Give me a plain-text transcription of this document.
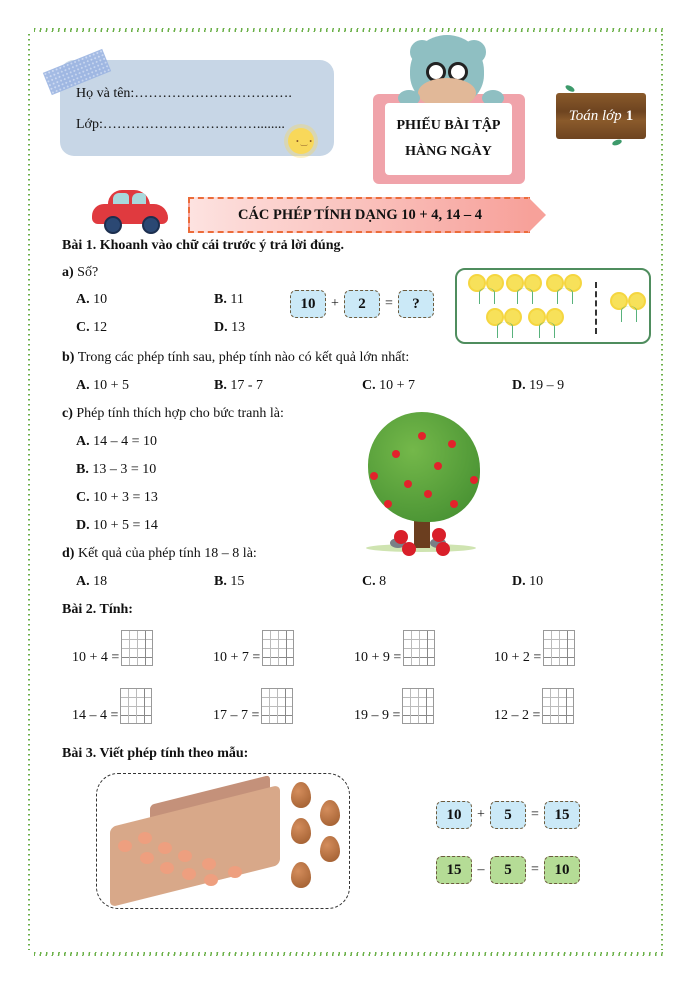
Họ và tên:…………………………….
Lớp:……………………………........
• ‿ •
PHIẾU BÀI TẬP
HÀNG NGÀY
Toán lớp 1
CÁC PHÉP TÍNH DẠNG 10 + 4, 14 – 4
Bài 1. Khoanh vào chữ cái trước ý trả lời đúng.
a) Số?
A. 10	B. 11
C. 12	D. 13
10	+	2	=	?
b) Trong các phép tính sau, phép tính nào có kết quả lớn nhất:
A. 10 + 5	B. 17 - 7	C. 10 + 7	D. 19 – 9
c) Phép tính thích hợp cho bức tranh là:
A. 14 – 4 = 10
B. 13 – 3 = 10
C. 10 + 3 = 13
D. 10 + 5 = 14
d) Kết quả của phép tính 18 – 8 là:
A. 18	B. 15	C. 8	D. 10
Bài 2. Tính:
10 + 4 =	10 + 7 =	10 + 9 =	10 + 2 =
14 – 4 =	17 – 7 =	19 – 9 =	12 – 2 =
Bài 3. Viết phép tính theo mẫu:
10	+	5	=	15
15	–	5	=	10
